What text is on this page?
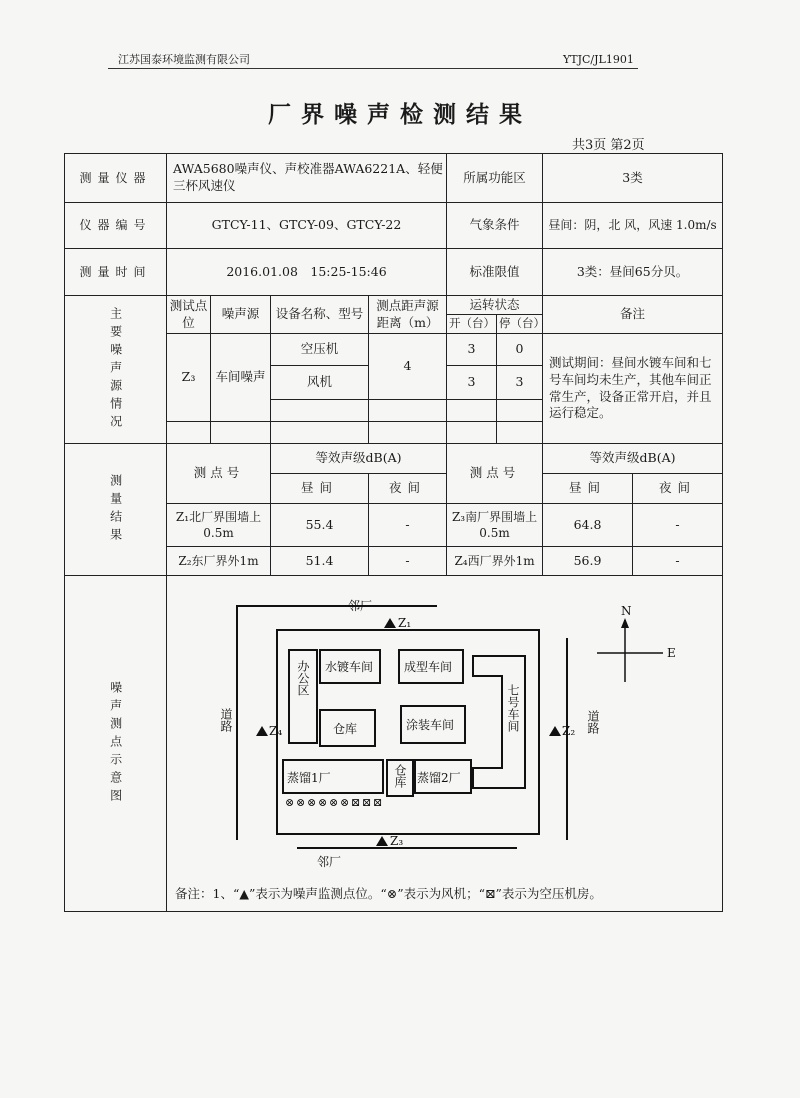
江苏国泰环境监测有限公司	YTJC/JL1901
厂界噪声检测结果
共3页 第2页
测量仪器	AWA5680噪声仪、声校准器AWA6221A、轻便三杯风速仪				所属功能区		3类
仪器编号	GTCY-11、GTCY-09、GTCY-22				气象条件		昼间：阴，北 风，风速 1.0m/s
测量时间	2016.01.08　15:25-15:46				标准限值		3类：昼间65分贝。

主要噪声源情况	测试点位	噪声源	设备名称、型号	测点距声源距离（m）	运转状态		备注
					开（台）	停（台）	
	Z₃	车间噪声	空压机	4	3	0	测试期间：昼间水镀车间和七号车间均未生产，其他车间正常生产，设备正常开启，并且运行稳定。
			风机		3	3	

测量结果	测点号		等效声级dB(A)		测点号		等效声级dB(A)
			昼间	夜间			昼间 夜间

	Z₁北厂界围墙上0.5m		55.4	-	Z₃南厂界围墙上0.5m		64.8 -

	Z₂东厂界外1m		51.4	-	Z₄西厂界外1m		56.9 -

噪声测点示意图	备注：1、“▲”表示为噪声监测点位。“⊗”表示为风机；“⊠”表示为空压机房。						
⊗ ⊗ ⊗ ⊗ ⊗ ⊗ ⊠ ⊠ ⊠
邻厂
邻厂
Z₁
Z₂
Z₃
Z₄
N
E
水镀车间	成型车间
仓库	涂装车间
蒸馏1厂	蒸馏2厂
道路	道路
办公区
七号车间
仓库
